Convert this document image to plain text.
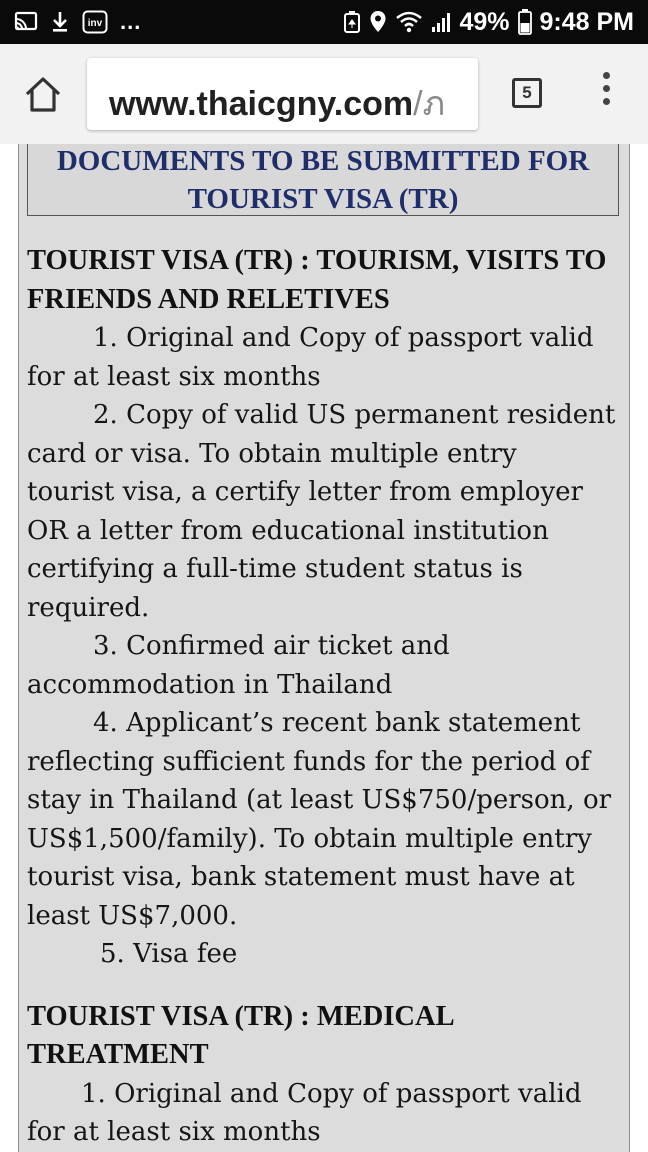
inv ...	49% 9:48 PM
www.thaicgny.com/ภ	5
DOCUMENTS TO BE SUBMITTED FOR
TOURIST VISA (TR)
TOURIST VISA (TR) : TOURISM, VISITS TO
FRIENDS AND RELETIVES
1. Original and Copy of passport valid
for at least six months
2. Copy of valid US permanent resident
card or visa. To obtain multiple entry
tourist visa, a certify letter from employer
OR a letter from educational institution
certifying a full-time student status is
required.
3. Confirmed air ticket and
accommodation in Thailand
4. Applicant’s recent bank statement
reflecting sufficient funds for the period of
stay in Thailand (at least US$750/person, or
US$1,500/family). To obtain multiple entry
tourist visa, bank statement must have at
least US$7,000.
5. Visa fee
TOURIST VISA (TR) : MEDICAL
TREATMENT
1. Original and Copy of passport valid
for at least six months
